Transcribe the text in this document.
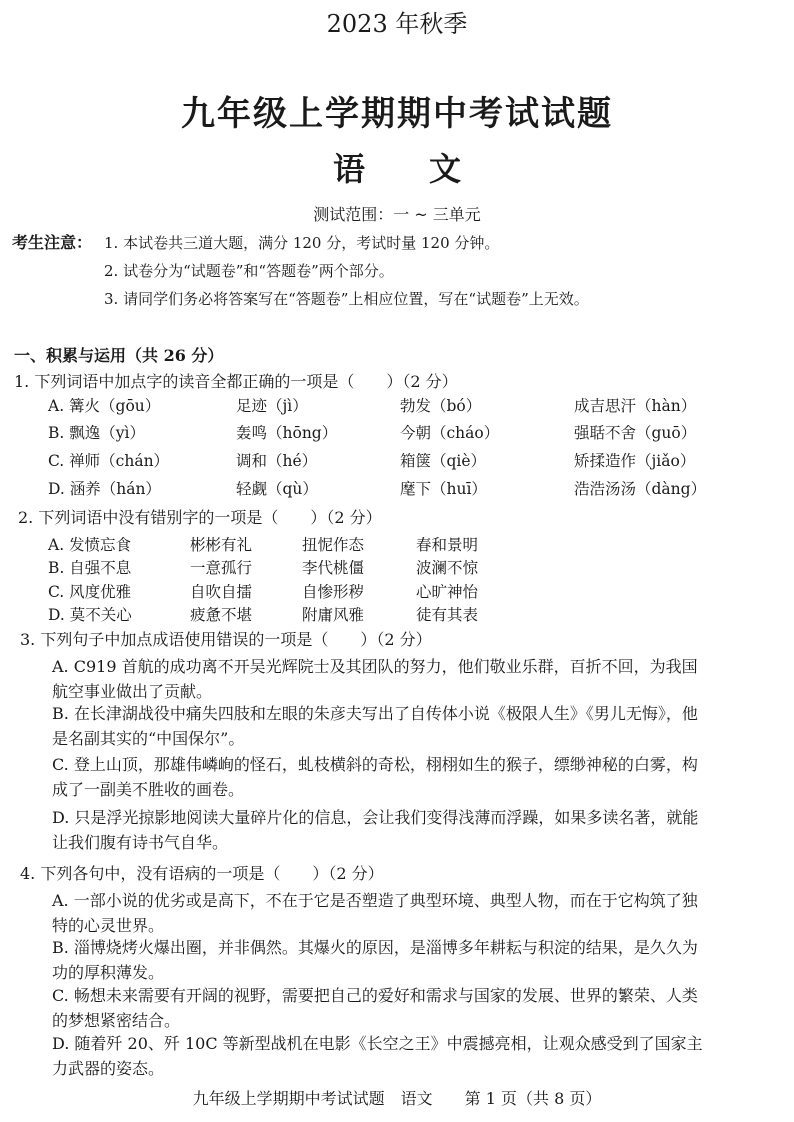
2023 年秋季
九年级上学期期中考试试题
语文
测试范围：一 ~ 三单元
考生注意： 1. 本试卷共三道大题，满分 120 分，考试时量 120 分钟。
2. 试卷分为“试题卷”和“答题卷”两个部分。
3. 请同学们务必将答案写在“答题卷”上相应位置，写在“试题卷”上无效。
一、积累与运用（共 26 分）
1. 下列词语中加点字的读音全都正确的一项是（　　）（2 分）
A. 篝火（gōu）	足迹（jì）	勃发（bó）	成吉思汗（hàn）
B. 飘逸（yì）	轰鸣（hōng）	今朝（cháo）	强聒不舍（guō）
C. 禅师（chán）	调和（hé）	箱箧（qiè）	矫揉造作（jiǎo）
D. 涵养（hán）	轻觑（qù）	麾下（huī）	浩浩汤汤（dàng）
2. 下列词语中没有错别字的一项是（　　）（2 分）
A. 发愤忘食	彬彬有礼	扭怩作态	春和景明
B. 自强不息	一意孤行	李代桃僵	波澜不惊
C. 风度优雅	自吹自擂	自惨形秽	心旷神怡
D. 莫不关心	疲惫不堪	附庸风雅	徒有其表
3. 下列句子中加点成语使用错误的一项是（　　）（2 分）
A. C919 首航的成功离不开吴光辉院士及其团队的努力，他们敬业乐群，百折不回，为我国航空事业做出了贡献。
B. 在长津湖战役中痛失四肢和左眼的朱彦夫写出了自传体小说《极限人生》《男儿无悔》，他是名副其实的“中国保尔”。
C. 登上山顶，那雄伟嶙峋的怪石，虬枝横斜的奇松，栩栩如生的猴子，缥缈神秘的白雾，构成了一副美不胜收的画卷。
D. 只是浮光掠影地阅读大量碎片化的信息，会让我们变得浅薄而浮躁，如果多读名著，就能让我们腹有诗书气自华。
4. 下列各句中，没有语病的一项是（　　）（2 分）
A. 一部小说的优劣或是高下，不在于它是否塑造了典型环境、典型人物，而在于它构筑了独特的心灵世界。
B. 淄博烧烤火爆出圈，并非偶然。其爆火的原因，是淄博多年耕耘与积淀的结果，是久久为功的厚积薄发。
C. 畅想未来需要有开阔的视野，需要把自己的爱好和需求与国家的发展、世界的繁荣、人类的梦想紧密结合。
D. 随着歼 20、歼 10C 等新型战机在电影《长空之王》中震撼亮相，让观众感受到了国家主力武器的姿态。
九年级上学期期中考试试题　语文　　第 1 页（共 8 页）
